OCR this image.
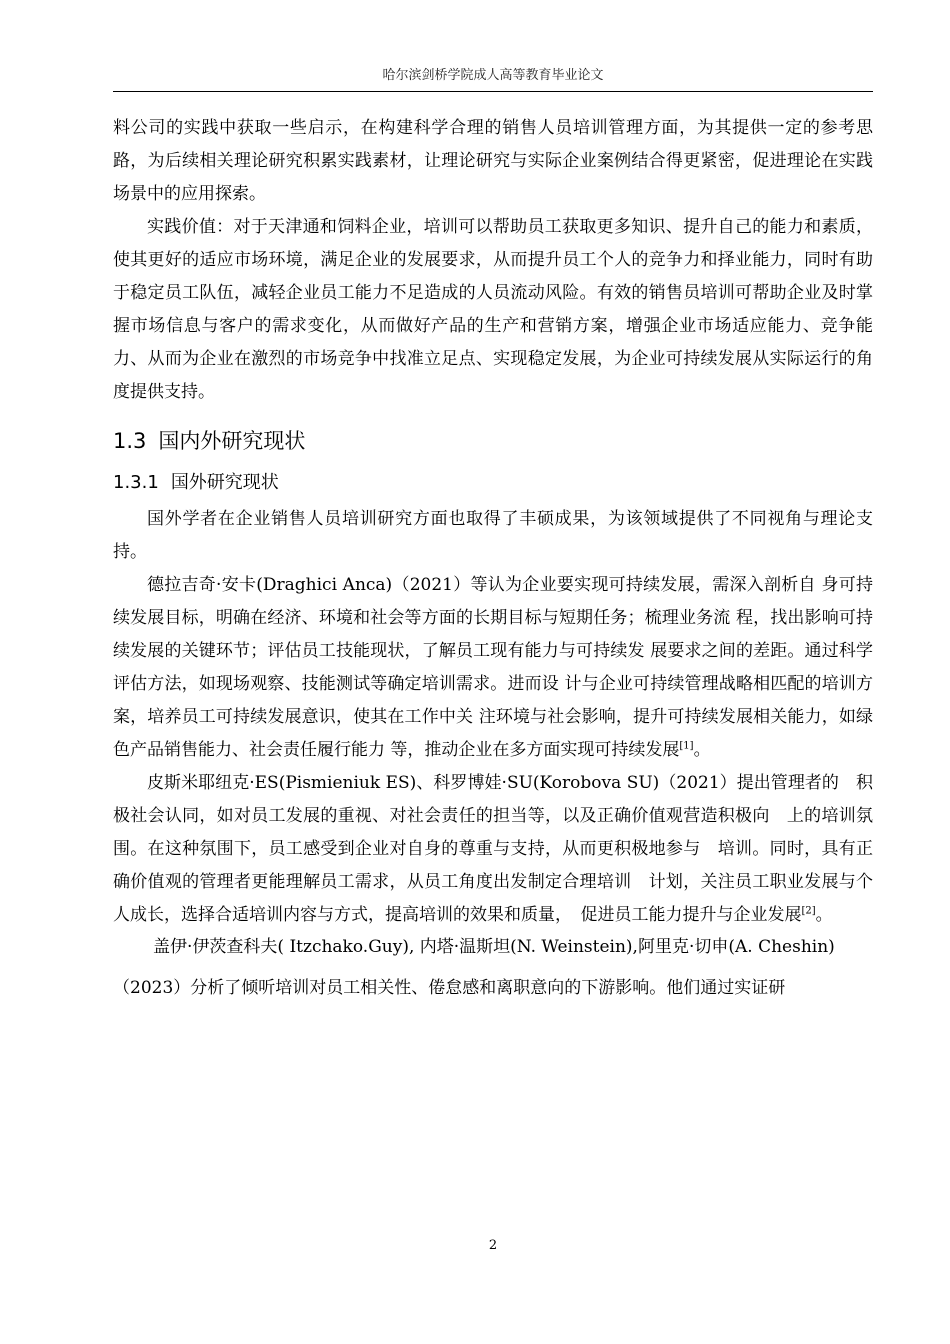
哈尔滨剑桥学院成人高等教育毕业论文

料公司的实践中获取一些启示，在构建科学合理的销售人员培训管理方面，为其提供一定的参考思路，为后续相关理论研究积累实践素材，让理论研究与实际企业案例结合得更紧密，促进理论在实践场景中的应用探索。

实践价值：对于天津通和饲料企业，培训可以帮助员工获取更多知识、提升自己的能力和素质，使其更好的适应市场环境，满足企业的发展要求，从而提升员工个人的竞争力和择业能力，同时有助于稳定员工队伍，减轻企业员工能力不足造成的人员流动风险。有效的销售员培训可帮助企业及时掌握市场信息与客户的需求变化，从而做好产品的生产和营销方案，增强企业市场适应能力、竞争能力、从而为企业在激烈的市场竞争中找准立足点、实现稳定发展，为企业可持续发展从实际运行的角度提供支持。

1.3 国内外研究现状
1.3.1 国外研究现状

国外学者在企业销售人员培训研究方面也取得了丰硕成果，为该领域提供了不同视角与理论支持。

德拉吉奇·安卡(Draghici Anca)（2021）等认为企业要实现可持续发展，需深入剖析自 身可持续发展目标，明确在经济、环境和社会等方面的长期目标与短期任务；梳理业务流 程，找出影响可持续发展的关键环节；评估员工技能现状，了解员工现有能力与可持续发 展要求之间的差距。通过科学评估方法，如现场观察、技能测试等确定培训需求。进而设 计与企业可持续管理战略相匹配的培训方案，培养员工可持续发展意识，使其在工作中关 注环境与社会影响，提升可持续发展相关能力，如绿色产品销售能力、社会责任履行能力 等，推动企业在多方面实现可持续发展[1]。

皮斯米耶纽克·ES(Pismieniuk ES)、科罗博娃·SU(Korobova SU)（2021）提出管理者的　积极社会认同，如对员工发展的重视、对社会责任的担当等，以及正确价值观营造积极向　上的培训氛围。在这种氛围下，员工感受到企业对自身的尊重与支持，从而更积极地参与　培训。同时，具有正确价值观的管理者更能理解员工需求，从员工角度出发制定合理培训　计划，关注员工职业发展与个人成长，选择合适培训内容与方式，提高培训的效果和质量，　促进员工能力提升与企业发展[2]。

盖伊·伊茨查科夫( Itzchako.Guy), 内塔·温斯坦(N. Weinstein),阿里克·切申(A. Cheshin)

（2023）分析了倾听培训对员工相关性、倦怠感和离职意向的下游影响。他们通过实证研

2
